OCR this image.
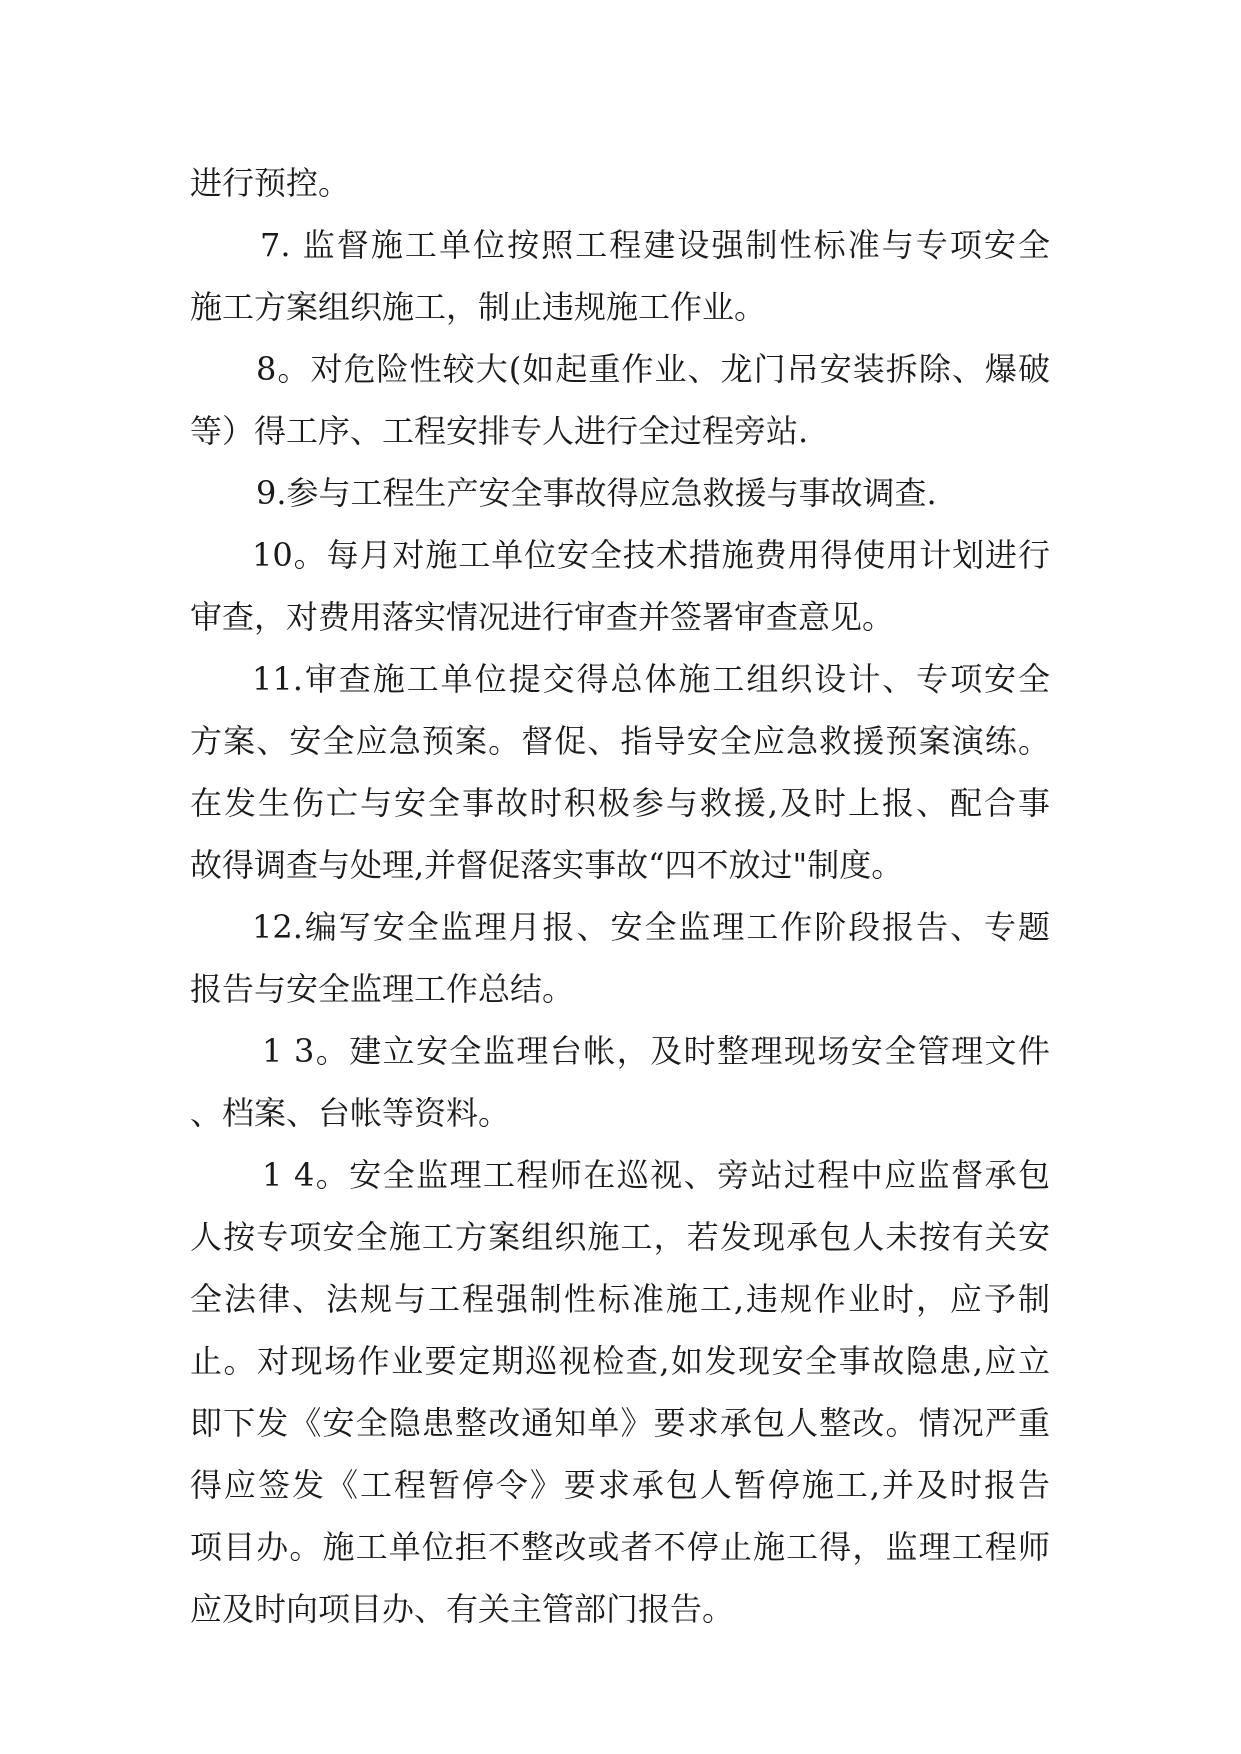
进行预控。
7. 监督施工单位按照工程建设强制性标准与专项安全
施工方案组织施工，制止违规施工作业。
8。对危险性较大(如起重作业、龙门吊安装拆除、爆破
等）得工序、工程安排专人进行全过程旁站.
9.参与工程生产安全事故得应急救援与事故调查.
10。每月对施工单位安全技术措施费用得使用计划进行
审查，对费用落实情况进行审查并签署审查意见。
11.审查施工单位提交得总体施工组织设计、专项安全
方案、安全应急预案。督促、指导安全应急救援预案演练。
在发生伤亡与安全事故时积极参与救援,及时上报、配合事
故得调查与处理,并督促落实事故“四不放过"制度。
12.编写安全监理月报、安全监理工作阶段报告、专题
报告与安全监理工作总结。
1 3。建立安全监理台帐，及时整理现场安全管理文件
、档案、台帐等资料。
1 4。安全监理工程师在巡视、旁站过程中应监督承包
人按专项安全施工方案组织施工，若发现承包人未按有关安
全法律、法规与工程强制性标准施工,违规作业时，应予制
止。对现场作业要定期巡视检查,如发现安全事故隐患,应立
即下发《安全隐患整改通知单》要求承包人整改。情况严重
得应签发《工程暂停令》要求承包人暂停施工,并及时报告
项目办。施工单位拒不整改或者不停止施工得，监理工程师
应及时向项目办、有关主管部门报告。
